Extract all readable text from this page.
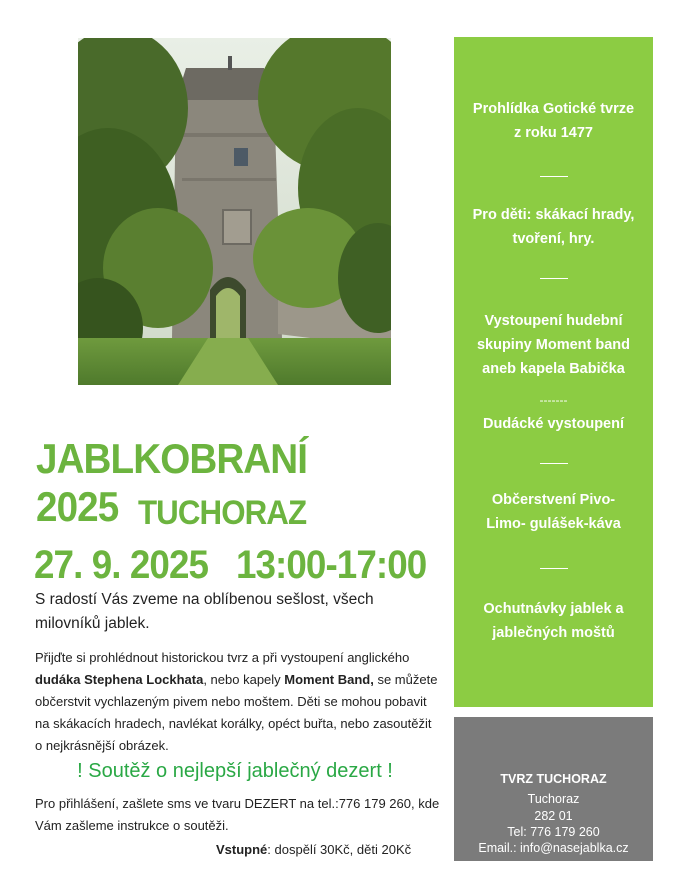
JABLKOBRANÍ 2025 TUCHORAZ
27. 9. 2025   13:00-17:00
S radostí Vás zveme na oblíbenou sešlost, všech milovníků jablek.
Přijďte si prohlédnout historickou tvrz a při vystoupení anglického dudáka Stephena Lockhata, nebo kapely Moment Band, se můžete občerstvit vychlazeným pivem nebo moštem. Děti se mohou pobavit na skákacích hradech, navlékat korálky, opéct buřta, nebo zasoutěžit o nejkrásnější obrázek.
! Soutěž o nejlepší jablečný dezert !
Pro přihlášení, zašlete sms ve tvaru DEZERT na tel.:776 179 260, kde Vám zašleme instrukce o soutěži.
Vstupné: dospělí 30Kč, děti 20Kč
Prohlídka Gotické tvrze
z roku 1477
Pro děti: skákací hrady,
tvoření, hry.
Vystoupení hudební
skupiny Moment band
aneb kapela Babička
-------
Dudácké vystoupení
Občerstvení Pivo-
Limo- gulášek-káva
Ochutnávky jablek a
jablečných moštů
TVRZ TUCHORAZ
Tuchoraz
282 01
Tel: 776 179 260
Email.: info@nasejablka.cz
